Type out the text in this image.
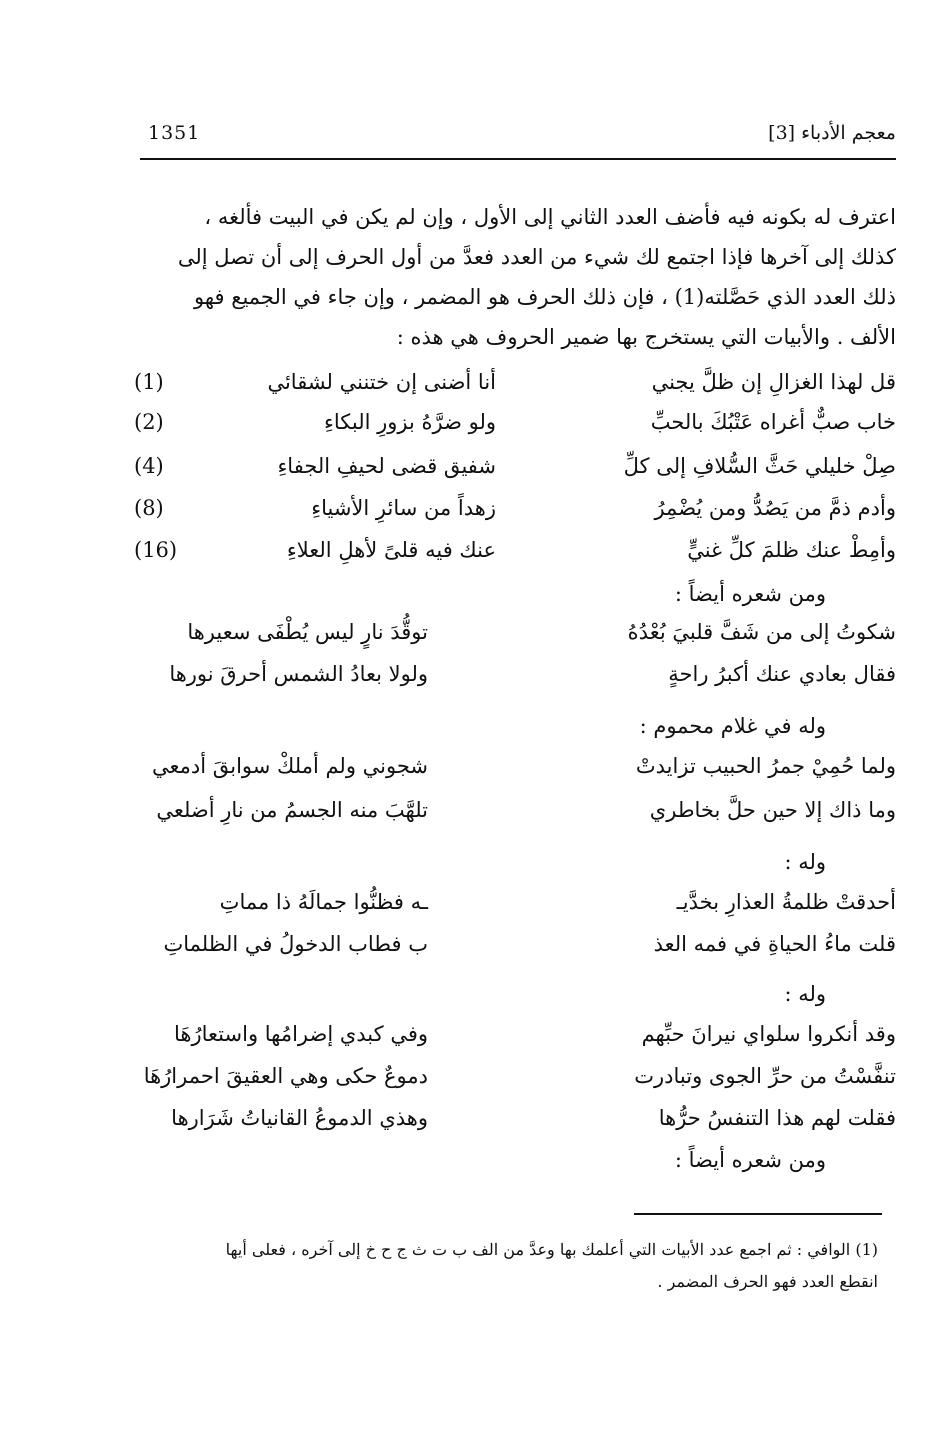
معجم الأدباء [3]
1351

اعترف له بكونه فيه فأضف العدد الثاني إلى الأول ، وإن لم يكن في البيت فألغه ،

كذلك إلى آخرها فإذا اجتمع لك شيء من العدد فعدَّ من أول الحرف إلى أن تصل إلى

ذلك العدد الذي حَصَّلته(1) ، فإن ذلك الحرف هو المضمر ، وإن جاء في الجميع فهو

الألف . والأبيات التي يستخرج بها ضمير الحروف هي هذه :

قل لهذا الغزالِ إن ظلَّ يجني
أنا أضنى إن ختنني لشقائي
(1)
خاب صبٌّ أغراه عَتْبُكَ بالحبِّ
ولو ضرَّهُ بزورِ البكاءِ
(2)
صِلْ خليلي حَثَّ السُّلافِ إلى كلِّ
شفيق قضى لحيفِ الجفاءِ
(4)
وأدم ذمَّ من يَصُدُّ ومن يُضْمِرُ
زهداً من سائرِ الأشياءِ
(8)
وأمِطْ عنك ظلمَ كلِّ غنيٍّ
عنك فيه قلىً لأهلِ العلاءِ
(16)
ومن شعره أيضاً :
شكوتُ إلى من شَفَّ قلبيَ بُعْدُهُ
توقُّدَ نارٍ ليس يُطْفَى سعيرها
فقال بعادي عنك أكبرُ راحةٍ
ولولا بعادُ الشمس أحرقَ نورها
وله في غلام محموم :
ولما حُمِيْ جمرُ الحبيب تزايدتْ
شجوني ولم أملكْ سوابقَ أدمعي
وما ذاك إلا حين حلَّ بخاطري
تلهَّبَ منه الجسمُ من نارِ أضلعي
وله :
أحدقتْ ظلمةُ العذارِ بخدَّيـ
ـه فظنُّوا جمالَهُ ذا مماتِ
قلت ماءُ الحياةِ في فمه العذ
ب فطاب الدخولُ في الظلماتِ
وله :
وقد أنكروا سلواي نيرانَ حبِّهم
وفي كبدي إضرامُها واستعارُهَا
تنفَّسْتُ من حرِّ الجوى وتبادرت
دموعٌ حكى وهي العقيقَ احمرارُهَا
فقلت لهم هذا التنفسُ حرُّها
وهذي الدموعُ القانياتُ شَرَارها
ومن شعره أيضاً :

(1) الوافي : ثم اجمع عدد الأبيات التي أعلمك بها وعدَّ من الف ب ت ث ج ح خ إلى آخره ، فعلى أيها

انقطع العدد فهو الحرف المضمر .
